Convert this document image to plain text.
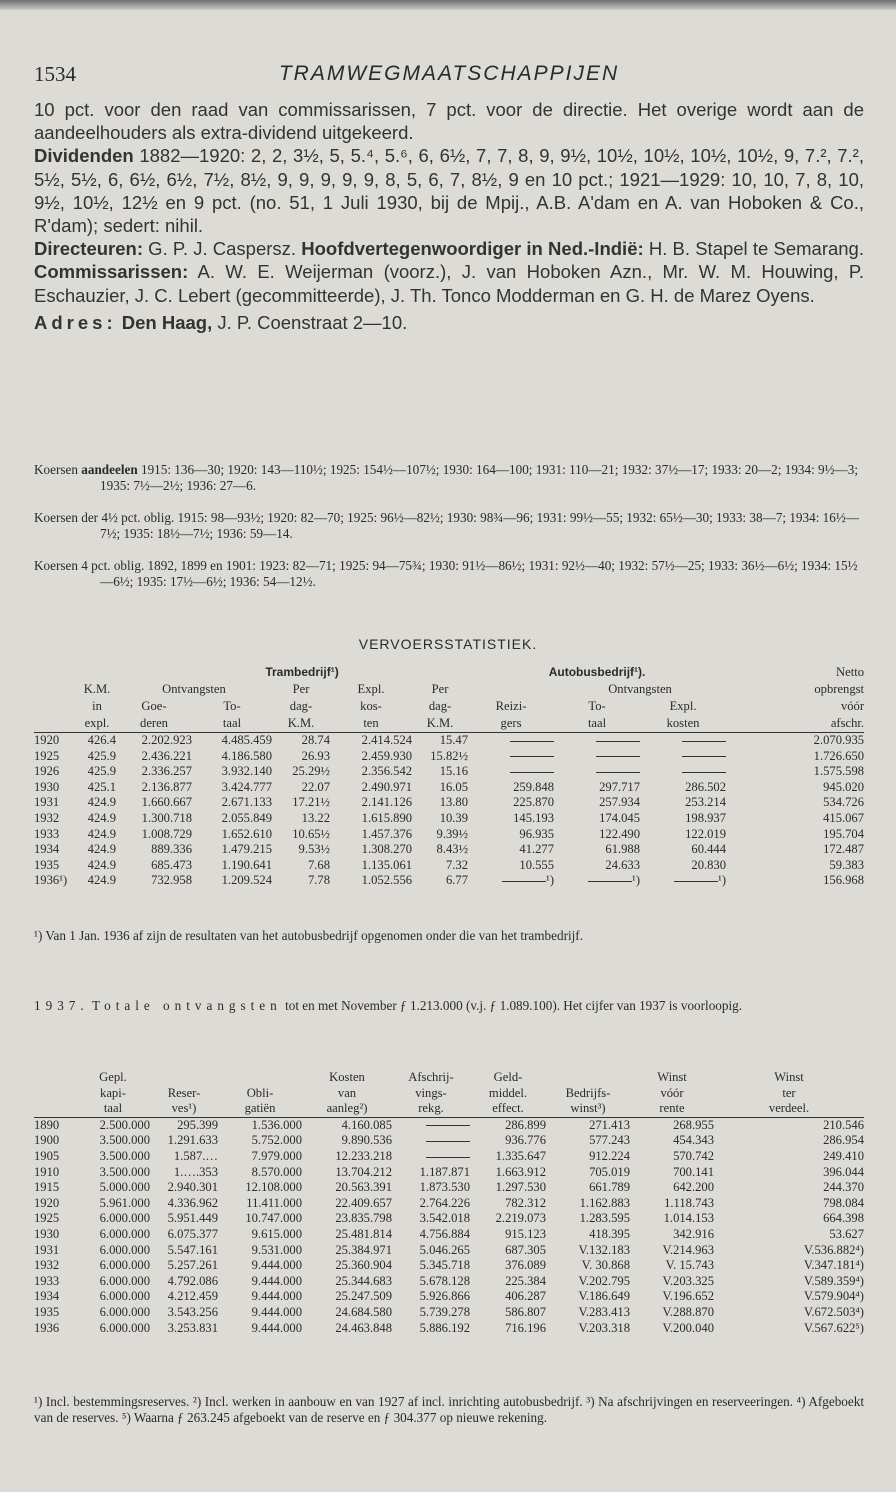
1534	TRAMWEGMAATSCHAPPIJEN

10 pct. voor den raad van commissarissen, 7 pct. voor de directie. Het overige wordt aan de aandeelhouders als extra-dividend uitgekeerd.

Dividenden 1882—1920: 2, 2, 3½, 5, 5.⁴, 5.⁶, 6, 6½, 7, 7, 8, 9, 9½, 10½, 10½, 10½, 10½, 9, 7.², 7.², 5½, 5½, 6, 6½, 6½, 7½, 8½, 9, 9, 9, 9, 9, 8, 5, 6, 7, 8½, 9 en 10 pct.; 1921—1929: 10, 10, 7, 8, 10, 9½, 10½, 12½ en 9 pct. (no. 51, 1 Juli 1930, bij de Mpij., A.B. A'dam en A. van Hoboken & Co., R'dam); sedert: nihil.

Directeuren: G. P. J. Caspersz. Hoofdvertegenwoordiger in Ned.-Indië: H. B. Stapel te Semarang. Commissarissen: A. W. E. Weijerman (voorz.), J. van Hoboken Azn., Mr. W. M. Houwing, P. Eschauzier, J. C. Lebert (gecommitteerde), J. Th. Tonco Modderman en G. H. de Marez Oyens.

Adres: Den Haag, J. P. Coenstraat 2—10.

Koersen aandeelen 1915: 136—30; 1920: 143—110½; 1925: 154½—107½; 1930: 164—100; 1931: 110—21; 1932: 37½—17; 1933: 20—2; 1934: 9½—3; 1935: 7½—2½; 1936: 27—6.

Koersen der 4½ pct. oblig. 1915: 98—93½; 1920: 82—70; 1925: 96½—82½; 1930: 98¾—96; 1931: 99½—55; 1932: 65½—30; 1933: 38—7; 1934: 16½—7½; 1935: 18½—7½; 1936: 59—14.

Koersen 4 pct. oblig. 1892, 1899 en 1901: 1923: 82—71; 1925: 94—75¾; 1930: 91½—86½; 1931: 92½—40; 1932: 57½—25; 1933: 36½—6½; 1934: 15½—6½; 1935: 17½—6½; 1936: 54—12½.

VERVOERSSTATISTIEK.
			Trambedrijf¹)				Autobusbedrijf¹).			Netto
	K.M.	Ontvangsten		Per	Expl.	Per		Ontvangsten		opbrengst
	in	Goe-	To-	dag-	kos-	dag-	Reizi-	To-	Expl.	vóór
	expl.	deren	taal	K.M.	ten	K.M.	gers	taal	kosten	afschr.
1920	426.4	2.202.923	4.485.459	28.74	2.414.524	15.47				2.070.935
1925	425.9	2.436.221	4.186.580	26.93	2.459.930	15.82½				1.726.650
1926	425.9	2.336.257	3.932.140	25.29½	2.356.542	15.16				1.575.598
1930	425.1	2.136.877	3.424.777	22.07	2.490.971	16.05	259.848	297.717	286.502	945.020
1931	424.9	1.660.667	2.671.133	17.21½	2.141.126	13.80	225.870	257.934	253.214	534.726
1932	424.9	1.300.718	2.055.849	13.22	1.615.890	10.39	145.193	174.045	198.937	415.067
1933	424.9	1.008.729	1.652.610	10.65½	1.457.376	9.39½	96.935	122.490	122.019	195.704
1934	424.9	889.336	1.479.215	9.53½	1.308.270	8.43½	41.277	61.988	60.444	172.487
1935	424.9	685.473	1.190.641	7.68	1.135.061	7.32	10.555	24.633	20.830	59.383
1936¹)	424.9	732.958	1.209.524	7.78	1.052.556	6.77	¹)	¹)	¹)	156.968
¹) Van 1 Jan. 1936 af zijn de resultaten van het autobusbedrijf opgenomen onder die van het trambedrijf.
1937. Totale ontvangsten tot en met November ƒ 1.213.000 (v.j. ƒ 1.089.100). Het cijfer van 1937 is voorloopig.
	Gepl.			Kosten	Afschrij-	Geld-		Winst	Winst
	kapi-	Reser-	Obli-	van	vings-	middel.	Bedrijfs-	vóór	ter
	taal	ves¹)	gatiën	aanleg²)	rekg.	effect.	winst³)	rente	verdeel.
1890	2.500.000	295.399	1.536.000	4.160.085		286.899	271.413	268.955	210.546
1900	3.500.000	1.291.633	5.752.000	9.890.536		936.776	577.243	454.343	286.954
1905	3.500.000	1.587.…	7.979.000	12.233.218		1.335.647	912.224	570.742	249.410
1910	3.500.000	1.….353	8.570.000	13.704.212	1.187.871	1.663.912	705.019	700.141	396.044
1915	5.000.000	2.940.301	12.108.000	20.563.391	1.873.530	1.297.530	661.789	642.200	244.370
1920	5.961.000	4.336.962	11.411.000	22.409.657	2.764.226	782.312	1.162.883	1.118.743	798.084
1925	6.000.000	5.951.449	10.747.000	23.835.798	3.542.018	2.219.073	1.283.595	1.014.153	664.398
1930	6.000.000	6.075.377	9.615.000	25.481.814	4.756.884	915.123	418.395	342.916	53.627
1931	6.000.000	5.547.161	9.531.000	25.384.971	5.046.265	687.305	V.132.183	V.214.963	V.536.882⁴)
1932	6.000.000	5.257.261	9.444.000	25.360.904	5.345.718	376.089	V. 30.868	V. 15.743	V.347.181⁴)
1933	6.000.000	4.792.086	9.444.000	25.344.683	5.678.128	225.384	V.202.795	V.203.325	V.589.359⁴)
1934	6.000.000	4.212.459	9.444.000	25.247.509	5.926.866	406.287	V.186.649	V.196.652	V.579.904⁴)
1935	6.000.000	3.543.256	9.444.000	24.684.580	5.739.278	586.807	V.283.413	V.288.870	V.672.503⁴)
1936	6.000.000	3.253.831	9.444.000	24.463.848	5.886.192	716.196	V.203.318	V.200.040	V.567.622⁵)
¹) Incl. bestemmingsreserves. ²) Incl. werken in aanbouw en van 1927 af incl. inrichting autobusbedrijf. ³) Na afschrijvingen en reserveeringen. ⁴) Afgeboekt van de reserves. ⁵) Waarna ƒ 263.245 afgeboekt van de reserve en ƒ 304.377 op nieuwe rekening.
